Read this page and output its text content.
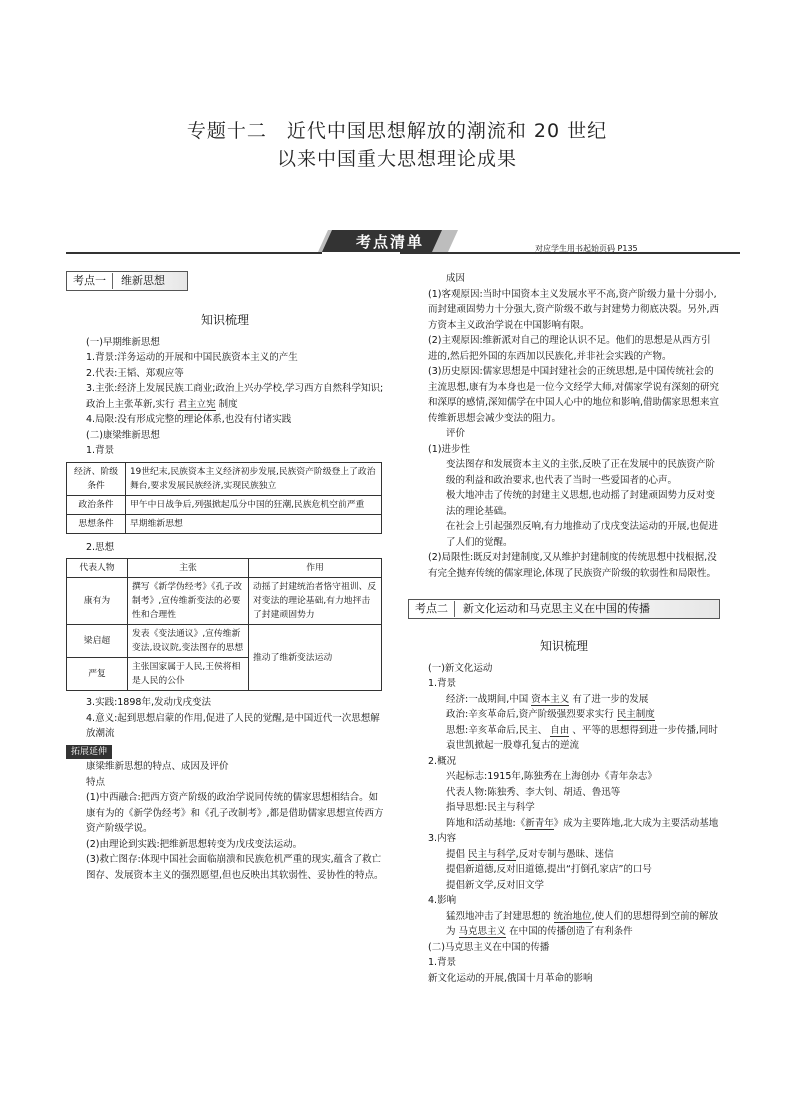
专题十二　近代中国思想解放的潮流和 20 世纪
以来中国重大思想理论成果
考点清单	对应学生用书起始页码 P135
考点一	维新思想
知识梳理

(一)早期维新思想

1.背景:洋务运动的开展和中国民族资本主义的产生

2.代表:王韬、郑观应等

3.主张:经济上发展民族工商业;政治上兴办学校,学习西方自然科学知识;政治上主张革新,实行 君主立宪 制度

4.局限:没有形成完整的理论体系,也没有付诸实践

(二)康梁维新思想

1.背景

经济、阶级条件	19世纪末,民族资本主义经济初步发展,民族资产阶级登上了政治舞台,要求发展民族经济,实现民族独立
政治条件	甲午中日战争后,列强掀起瓜分中国的狂潮,民族危机空前严重
思想条件	早期维新思想

2.思想

代表人物	主张	作用
康有为	撰写《新学伪经考》《孔子改制考》,宣传维新变法的必要性和合理性	动摇了封建统治者恪守祖训、反对变法的理论基础,有力地抨击了封建顽固势力
梁启超	发表《变法通议》,宣传维新变法,设议院,变法图存的思想	推动了维新变法运动
严复	主张国家属于人民,王侯将相是人民的公仆	

3.实践:1898年,发动戊戌变法

4.意义:起到思想启蒙的作用,促进了人民的觉醒,是中国近代一次思想解放潮流

拓展延伸

康梁维新思想的特点、成因及评价

特点

(1)中西融合:把西方资产阶级的政治学说同传统的儒家思想相结合。如康有为的《新学伪经考》和《孔子改制考》,都是借助儒家思想宣传西方资产阶级学说。

(2)由理论到实践:把维新思想转变为戊戌变法运动。

(3)救亡图存:体现中国社会面临崩溃和民族危机严重的现实,蕴含了救亡图存、发展资本主义的强烈愿望,但也反映出其软弱性、妥协性的特点。

成因

(1)客观原因:当时中国资本主义发展水平不高,资产阶级力量十分弱小,而封建顽固势力十分强大,资产阶级不敢与封建势力彻底决裂。另外,西方资本主义政治学说在中国影响有限。

(2)主观原因:维新派对自己的理论认识不足。他们的思想是从西方引进的,然后把外国的东西加以民族化,并非社会实践的产物。

(3)历史原因:儒家思想是中国封建社会的正统思想,是中国传统社会的主流思想,康有为本身也是一位今文经学大师,对儒家学说有深刻的研究和深厚的感情,深知儒学在中国人心中的地位和影响,借助儒家思想来宣传维新思想会减少变法的阻力。

评价

(1)进步性

变法图存和发展资本主义的主张,反映了正在发展中的民族资产阶级的利益和政治要求,也代表了当时一些爱国者的心声。

极大地冲击了传统的封建主义思想,也动摇了封建顽固势力反对变法的理论基础。

在社会上引起强烈反响,有力地推动了戊戌变法运动的开展,也促进了人们的觉醒。

(2)局限性:既反对封建制度,又从维护封建制度的传统思想中找根据,没有完全抛弃传统的儒家理论,体现了民族资产阶级的软弱性和局限性。

考点二	新文化运动和马克思主义在中国的传播
知识梳理

(一)新文化运动

1.背景

经济:一战期间,中国 资本主义 有了进一步的发展

政治:辛亥革命后,资产阶级强烈要求实行 民主制度

思想:辛亥革命后,民主、 自由 、平等的思想得到进一步传播,同时袁世凯掀起一股尊孔复古的逆流

2.概况

兴起标志:1915年,陈独秀在上海创办《青年杂志》

代表人物:陈独秀、李大钊、胡适、鲁迅等

指导思想:民主与科学

阵地和活动基地:《新青年》成为主要阵地,北大成为主要活动基地

3.内容

提倡 民主与科学,反对专制与愚昧、迷信

提倡新道德,反对旧道德,提出“打倒孔家店”的口号

提倡新文学,反对旧文学

4.影响

猛烈地冲击了封建思想的 统治地位,使人们的思想得到空前的解放

为 马克思主义 在中国的传播创造了有利条件

(二)马克思主义在中国的传播

1.背景

新文化运动的开展,俄国十月革命的影响
